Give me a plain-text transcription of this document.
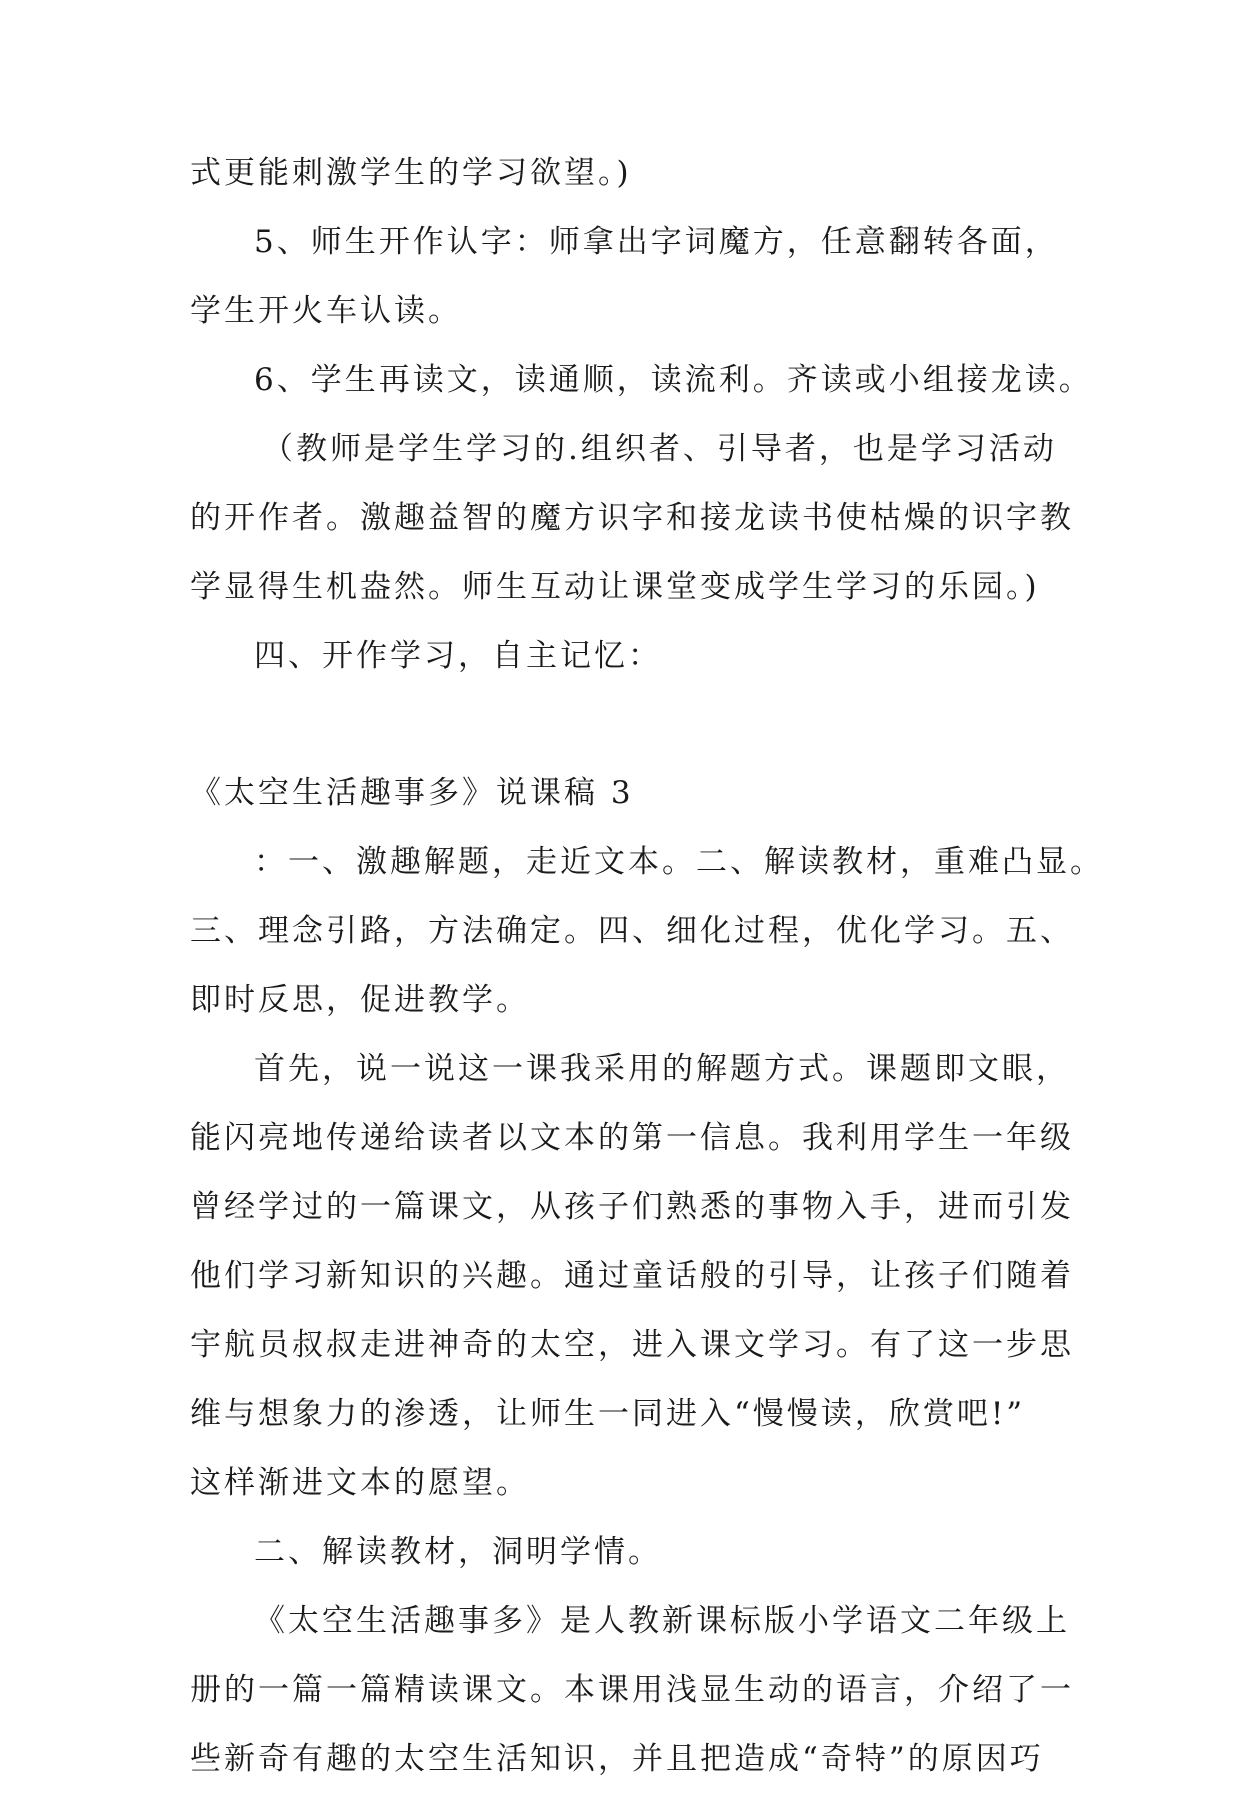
式更能刺激学生的学习欲望。)
5、师生开作认字：师拿出字词魔方，任意翻转各面，
学生开火车认读。
6、学生再读文，读通顺，读流利。齐读或小组接龙读。
（教师是学生学习的.组织者、引导者，也是学习活动
的开作者。激趣益智的魔方识字和接龙读书使枯燥的识字教
学显得生机盎然。师生互动让课堂变成学生学习的乐园。)
四、开作学习，自主记忆：
《太空生活趣事多》说课稿 3
：一、激趣解题，走近文本。二、解读教材，重难凸显。
三、理念引路，方法确定。四、细化过程，优化学习。五、
即时反思，促进教学。
首先，说一说这一课我采用的解题方式。课题即文眼，
能闪亮地传递给读者以文本的第一信息。我利用学生一年级
曾经学过的一篇课文，从孩子们熟悉的事物入手，进而引发
他们学习新知识的兴趣。通过童话般的引导，让孩子们随着
宇航员叔叔走进神奇的太空，进入课文学习。有了这一步思
维与想象力的渗透，让师生一同进入“慢慢读，欣赏吧!”
这样渐进文本的愿望。
二、解读教材，洞明学情。
《太空生活趣事多》是人教新课标版小学语文二年级上
册的一篇一篇精读课文。本课用浅显生动的语言，介绍了一
些新奇有趣的太空生活知识，并且把造成“奇特”的原因巧
